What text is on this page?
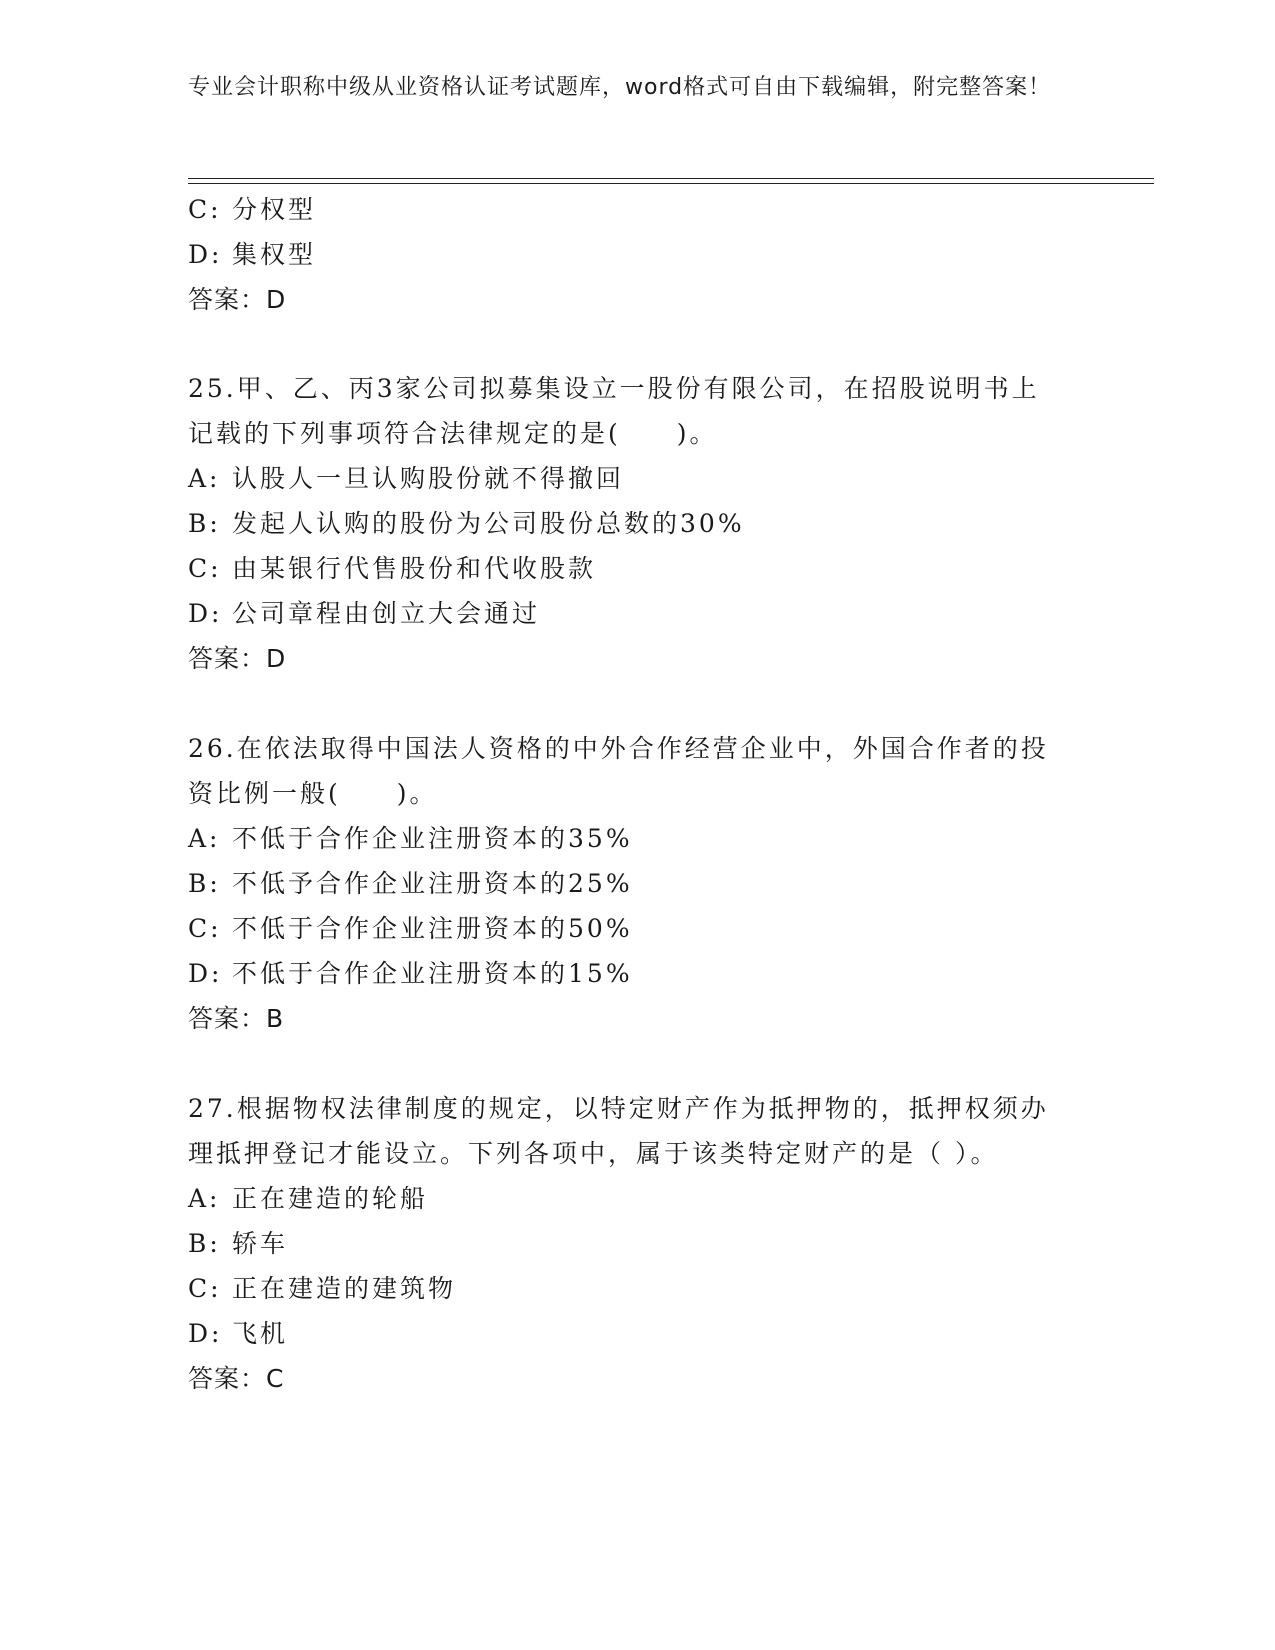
专业会计职称中级从业资格认证考试题库，word格式可自由下载编辑，附完整答案！
C: 分权型
D: 集权型
答案：D
25.甲、乙、丙3家公司拟募集设立一股份有限公司，在招股说明书上
记载的下列事项符合法律规定的是(　　)。
A: 认股人一旦认购股份就不得撤回
B: 发起人认购的股份为公司股份总数的30%
C: 由某银行代售股份和代收股款
D: 公司章程由创立大会通过
答案：D
26.在依法取得中国法人资格的中外合作经营企业中，外国合作者的投
资比例一般(　　)。
A: 不低于合作企业注册资本的35%
B: 不低予合作企业注册资本的25%
C: 不低于合作企业注册资本的50%
D: 不低于合作企业注册资本的15%
答案：B
27.根据物权法律制度的规定，以特定财产作为抵押物的，抵押权须办
理抵押登记才能设立。下列各项中，属于该类特定财产的是（ ）。
A: 正在建造的轮船
B: 轿车
C: 正在建造的建筑物
D: 飞机
答案：C
